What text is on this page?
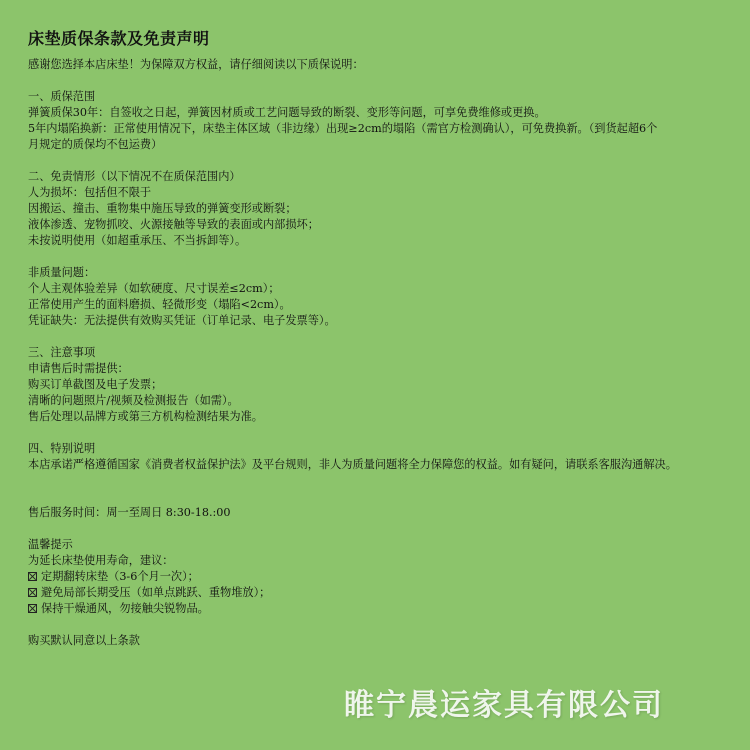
床垫质保条款及免责声明
感谢您选择本店床垫！为保障双方权益，请仔细阅读以下质保说明：
一、质保范围
弹簧质保30年：自签收之日起，弹簧因材质或工艺问题导致的断裂、变形等问题，可享免费维修或更换。
5年内塌陷换新：正常使用情况下，床垫主体区域（非边缘）出现≥2cm的塌陷（需官方检测确认），可免费换新。（到货起超6个
月规定的质保均不包运费）
二、免责情形（以下情况不在质保范围内）
人为损坏：包括但不限于
因搬运、撞击、重物集中施压导致的弹簧变形或断裂；
液体渗透、宠物抓咬、火源接触等导致的表面或内部损坏；
未按说明使用（如超重承压、不当拆卸等）。
非质量问题：
个人主观体验差异（如软硬度、尺寸误差≤2cm）；
正常使用产生的面料磨损、轻微形变（塌陷<2cm）。
凭证缺失：无法提供有效购买凭证（订单记录、电子发票等）。
三、注意事项
申请售后时需提供：
购买订单截图及电子发票；
清晰的问题照片/视频及检测报告（如需）。
售后处理以品牌方或第三方机构检测结果为准。
四、特别说明
本店承诺严格遵循国家《消费者权益保护法》及平台规则，非人为质量问题将全力保障您的权益。如有疑问，请联系客服沟通解决。
售后服务时间：周一至周日 8:30-18.:00
温馨提示
为延长床垫使用寿命，建议：
定期翻转床垫（3-6个月一次）；
避免局部长期受压（如单点跳跃、重物堆放）；
保持干燥通风，勿接触尖锐物品。
购买默认同意以上条款
睢宁晨运家具有限公司
